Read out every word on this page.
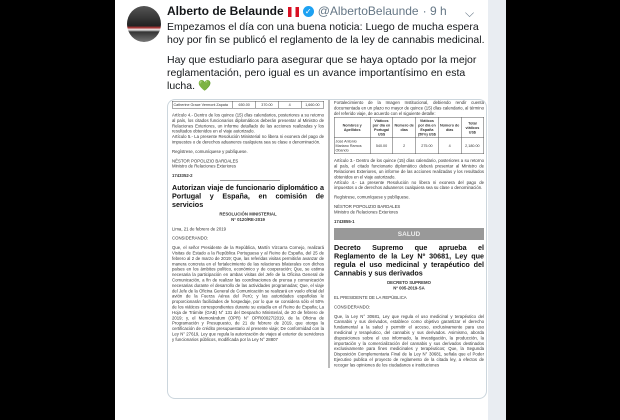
Alberto de Belaunde	✓ @AlbertoBelaunde · 9 h ⌵

Empezamos el día con una buena noticia: Luego de mucha espera hoy por fin se publicó el reglamento de la ley de cannabis medicinal.

Hay que estudiarlo para asegurar que se haya optado por la mejor reglamentación, pero igual es un avance importantísimo en esta lucha. 💚

Catherine Grace Vermont Zapata	650.00	370.00	4	1,660.00

Artículo 4.- Dentro de los quince (15) días calendarios, posteriores a su retorno al país, los citados funcionarios diplomáticos deberán presentar al Ministro de Relaciones Exteriores, un informe detallado de las acciones realizadas y los resultados obtenidos en el viaje autorizado.

Artículo 5.- La presente Resolución Ministerial no libera ni exonera del pago de impuestos o de derechos aduaneros cualquiera sea su clase o denominación.

Regístrese, comuníquese y publíquese.

NÉSTOR POPOLIZIO BARDALES

Ministro de Relaciones Exteriores

1743352-2

Autorizan viaje de funcionario diplomático a Portugal y España, en comisión de servicios

RESOLUCIÓN MINISTERIAL

N° 0120/RE-2019

Lima, 21 de febrero de 2019

CONSIDERANDO:

Que, el señor Presidente de la República, Martín Vizcarra Cornejo, realizará Visitas de Estado a la República Portuguesa y al Reino de España, del 25 de febrero al 2 de marzo de 2019; Que, las referidas visitas permitirán avanzar de manera concreta en el fortalecimiento de las relaciones bilaterales con dichos países en los ámbitos político, económico y de cooperación; Que, se estima necesaria la participación en ambas visitas del Jefe de la Oficina General de Comunicación, a fin de realizar las coordinaciones de prensa y comunicación necesarias durante el desarrollo de las actividades programadas; Que, el viaje del Jefe de la Oficina General de Comunicación se realizará en vuelo oficial del avión de la Fuerza Aérea del Perú; y las autoridades españolas le proporcionarán facilidades de hospedaje, por lo que se considera sólo el 50% de los viáticos correspondientes durante su estadía en el Reino de España; La Hoja de Trámite (GAB) N° 131 del Despacho Ministerial, de 20 de febrero de 2019; y, el Memorándum (OPR) N° OPR00027/2019, de la Oficina de Programación y Presupuesto, de 21 de febrero de 2019, que otorga la certificación de crédito presupuestario al presente viaje; De conformidad con la Ley N° 27619, Ley que regula la autorización de viajes al exterior de servidores y funcionarios públicos, modificada por la Ley N° 28807

Fortalecimiento de la Imagen Institucional, debiendo rendir cuenta documentada en un plazo no mayor de quince (15) días calendario, al término del referido viaje, de acuerdo con el siguiente detalle:

Nombres y Apellidos	Viáticos por día en Portugal US$	Número de días	Viáticos por día en España (50%) US$	Número de días	Total viáticos US$
José Antonio Mariano Ramos Obando	540.00	2	275.00	4	2,180.00

Artículo 3.- Dentro de los quince (15) días calendario, posteriores a su retorno al país, el citado funcionario diplomático deberá presentar al Ministro de Relaciones Exteriores, un informe de las acciones realizadas y los resultados obtenidos en el viaje autorizado.

Artículo 4.- La presente Resolución no libera ni exonera del pago de impuestos o de derechos aduaneros cualquiera sea su clase o denominación.

Regístrese, comuníquese y publíquese.

NÉSTOR POPOLIZIO BARDALES

Ministro de Relaciones Exteriores

1743855-1

SALUD

Decreto Supremo que aprueba el Reglamento de la Ley Nº 30681, Ley que regula el uso medicinal y terapéutico del Cannabis y sus derivados

DECRETO SUPREMO

Nº 005-2019-SA

EL PRESIDENTE DE LA REPÚBLICA

CONSIDERANDO:

Que, la Ley N° 30681, Ley que regula el uso medicinal y terapéutico del Cannabis y sus derivados, establece como objetivo garantizar el derecho fundamental a la salud y permitir el acceso, exclusivamente para uso medicinal y terapéutico, del cannabis y sus derivados. Asimismo, aborda disposiciones sobre el uso informado, la investigación, la producción, la importación y la comercialización del cannabis y sus derivados destinados exclusivamente para fines medicinales y terapéuticos; Que, la Segunda Disposición Complementaria Final de la Ley N° 30681, señala que el Poder Ejecutivo publica el proyecto de reglamento de la citada ley, a efectos de recoger las opiniones de los ciudadanos e instituciones
